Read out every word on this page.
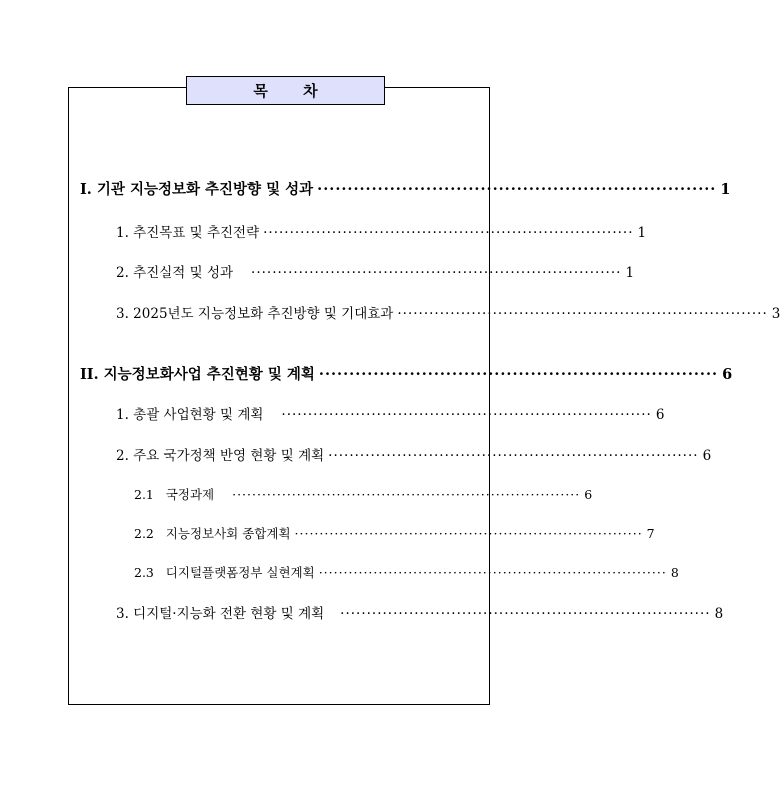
목 차
Ⅰ. 기관 지능정보화 추진방향 및 성과 ·································································· 1
1. 추진목표 및 추진전략 ······································································ 1
2. 추진실적 및 성과 ······································································ 1
3. 2025년도 지능정보화 추진방향 및 기대효과 ······································································ 3
II. 지능정보화사업 추진현황 및 계획 ·································································· 6
1. 총괄 사업현황 및 계획 ······································································ 6
2. 주요 국가정책 반영 현황 및 계획 ······································································ 6
2.1   국정과제 ······································································ 6
2.2   지능정보사회 종합계획 ······································································ 7
2.3   디지털플랫폼정부 실현계획 ······································································ 8
3. 디지털·지능화 전환 현황 및 계획 ······································································ 8
